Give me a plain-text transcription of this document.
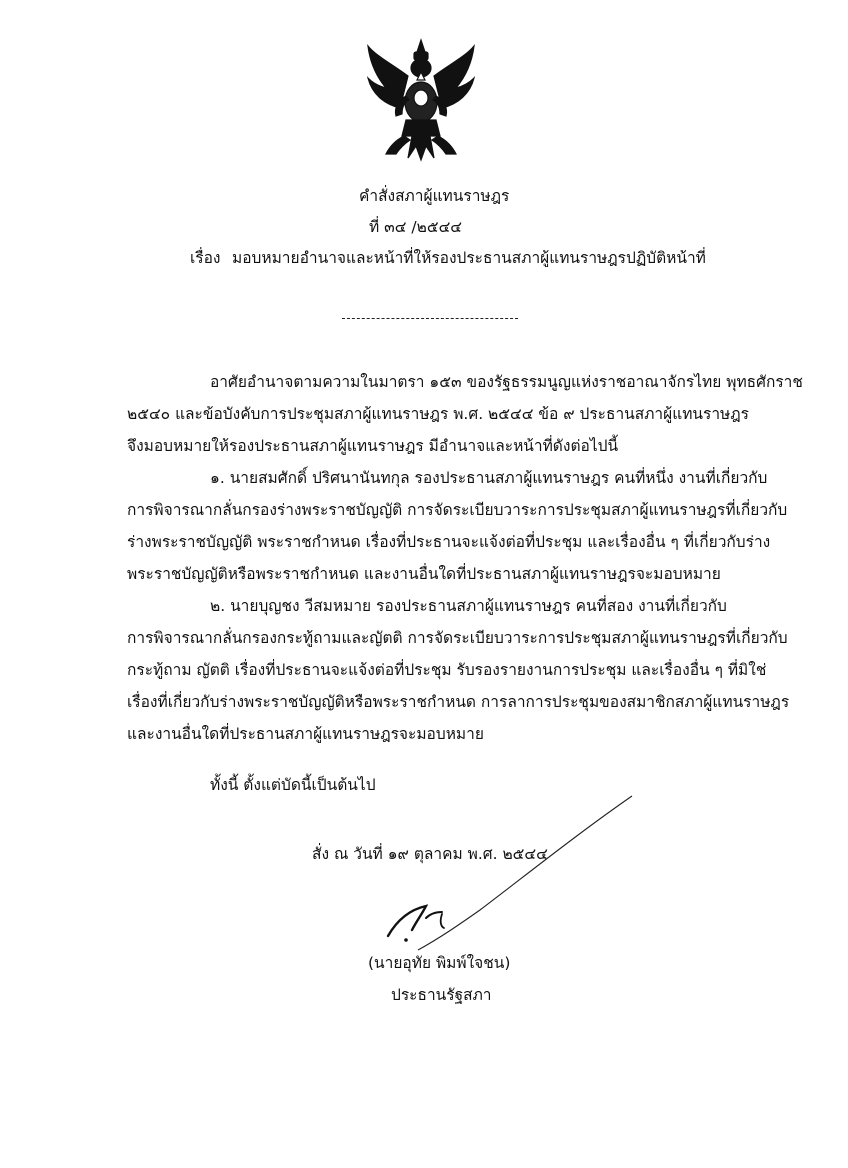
คำสั่งสภาผู้แทนราษฎร
ที่ ๓๔ /๒๕๔๔
เรื่อง มอบหมายอำนาจและหน้าที่ให้รองประธานสภาผู้แทนราษฎรปฏิบัติหน้าที่
อาศัยอำนาจตามความในมาตรา ๑๕๓ ของรัฐธรรมนูญแห่งราชอาณาจักรไทย พุทธศักราช
๒๕๔๐ และข้อบังคับการประชุมสภาผู้แทนราษฎร พ.ศ. ๒๕๔๔ ข้อ ๙ ประธานสภาผู้แทนราษฎร
จึงมอบหมายให้รองประธานสภาผู้แทนราษฎร มีอำนาจและหน้าที่ดังต่อไปนี้
๑. นายสมศักดิ์ ปริศนานันทกุล รองประธานสภาผู้แทนราษฎร คนที่หนึ่ง งานที่เกี่ยวกับ
การพิจารณากลั่นกรองร่างพระราชบัญญัติ การจัดระเบียบวาระการประชุมสภาผู้แทนราษฎรที่เกี่ยวกับ
ร่างพระราชบัญญัติ พระราชกำหนด เรื่องที่ประธานจะแจ้งต่อที่ประชุม และเรื่องอื่น ๆ ที่เกี่ยวกับร่าง
พระราชบัญญัติหรือพระราชกำหนด และงานอื่นใดที่ประธานสภาผู้แทนราษฎรจะมอบหมาย
๒. นายบุญชง วีสมหมาย รองประธานสภาผู้แทนราษฎร คนที่สอง งานที่เกี่ยวกับ
การพิจารณากลั่นกรองกระทู้ถามและญัตติ การจัดระเบียบวาระการประชุมสภาผู้แทนราษฎรที่เกี่ยวกับ
กระทู้ถาม ญัตติ เรื่องที่ประธานจะแจ้งต่อที่ประชุม รับรองรายงานการประชุม และเรื่องอื่น ๆ ที่มิใช่
เรื่องที่เกี่ยวกับร่างพระราชบัญญัติหรือพระราชกำหนด การลาการประชุมของสมาชิกสภาผู้แทนราษฎร
และงานอื่นใดที่ประธานสภาผู้แทนราษฎรจะมอบหมาย
ทั้งนี้ ตั้งแต่บัดนี้เป็นต้นไป
สั่ง ณ วันที่ ๑๙ ตุลาคม พ.ศ. ๒๕๔๔
(นายอุทัย พิมพ์ใจชน)
ประธานรัฐสภา
